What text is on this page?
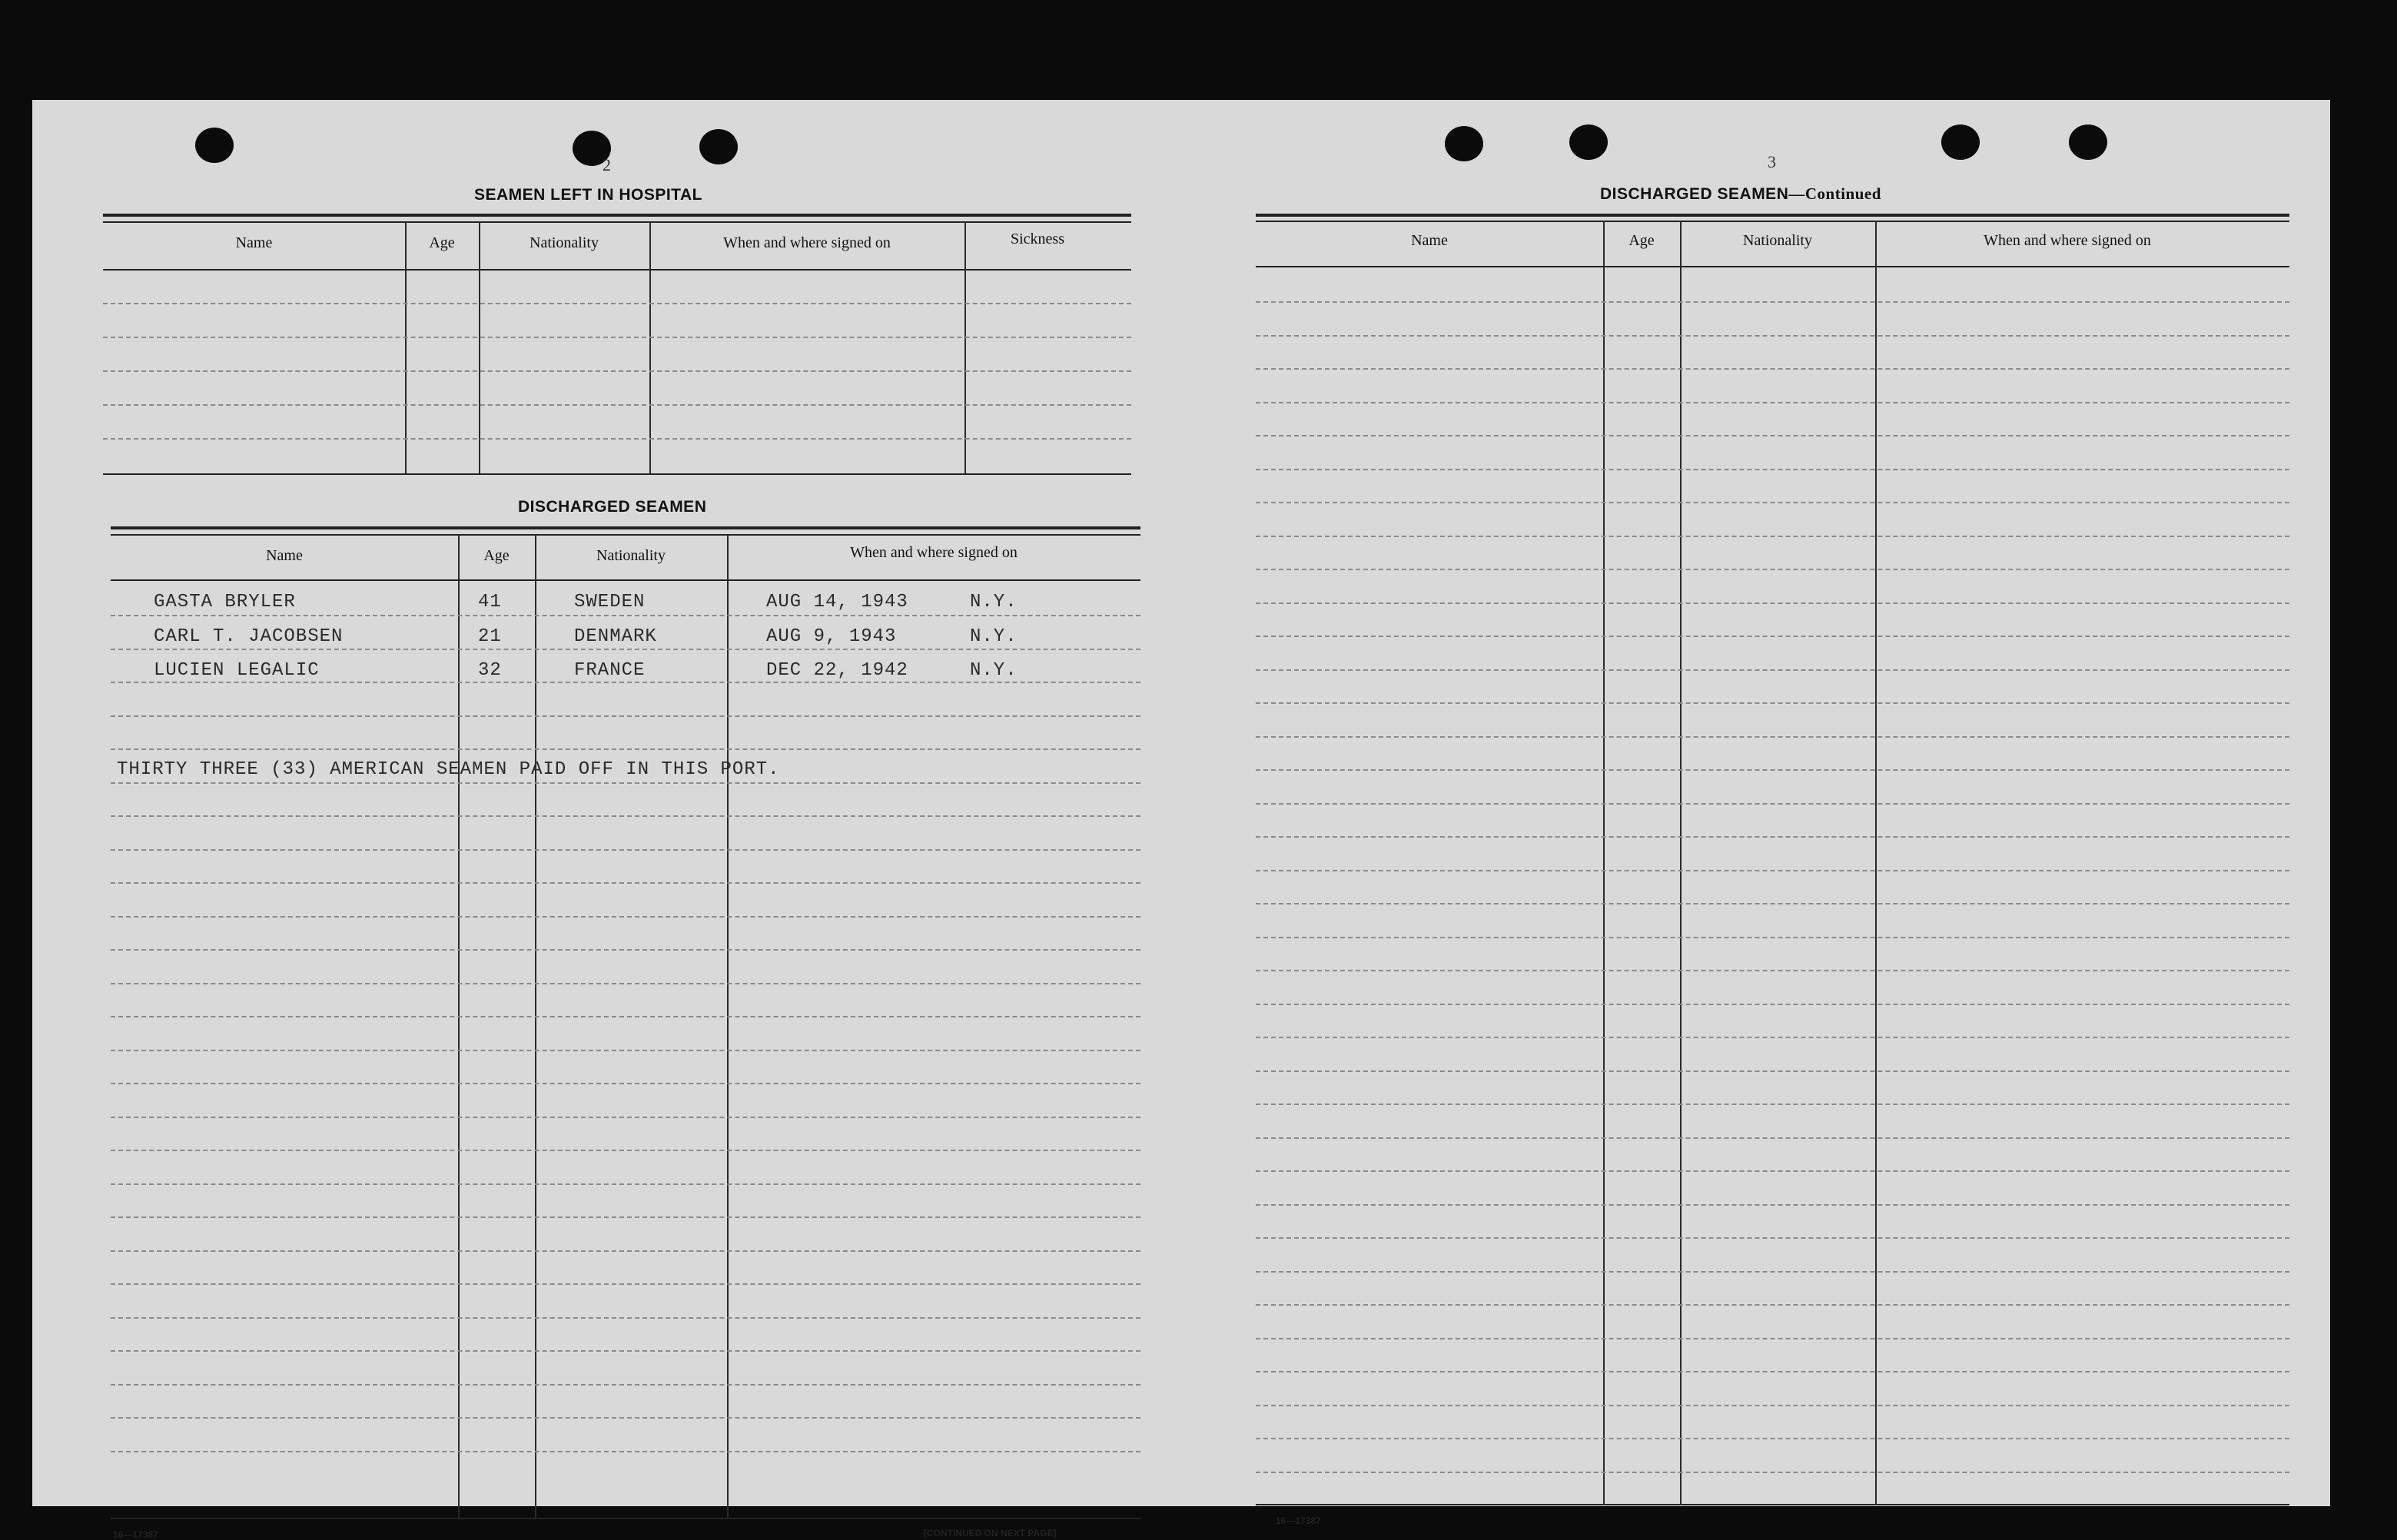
2
SEAMEN LEFT IN HOSPITAL
Name	Age	Nationality	When and where signed on	Sickness
DISCHARGED SEAMEN
Name	Age	Nationality	When and where signed on
GASTA BRYLER	41	SWEDEN	AUG 14, 1943	N.Y.
CARL T. JACOBSEN	21	DENMARK	AUG 9, 1943	N.Y.
LUCIEN LEGALIC	32	FRANCE	DEC 22, 1942	N.Y.
THIRTY THREE (33) AMERICAN SEAMEN PAID OFF IN THIS PORT.
16—17387	[CONTINUED ON NEXT PAGE]
3
DISCHARGED SEAMEN—Continued
Name	Age	Nationality	When and where signed on
16—17387
